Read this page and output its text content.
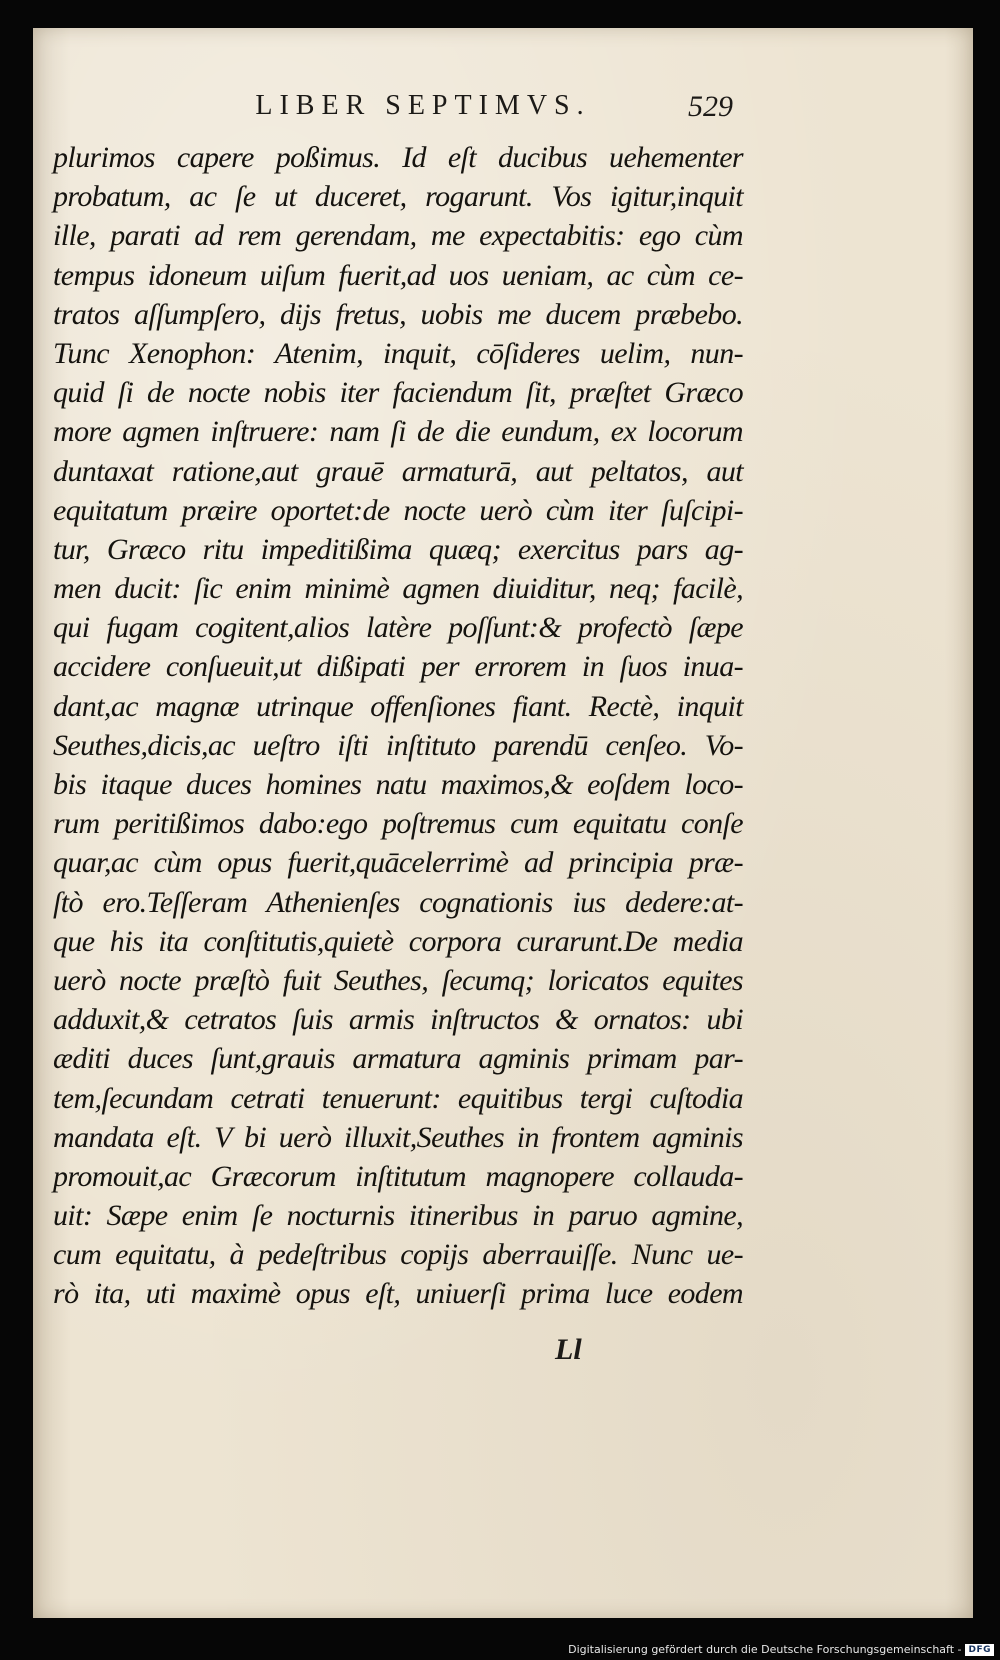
LIBER SEPTIMVS.	529
plurimos capere poßimus. Id eſt ducibus uehementer
probatum, ac ſe ut duceret, rogarunt. Vos igitur,inquit
ille, parati ad rem gerendam, me expectabitis: ego cùm
tempus idoneum uiſum fuerit,ad uos ueniam, ac cùm ce-
tratos aſſumpſero, dijs fretus, uobis me ducem præbebo.
Tunc Xenophon: Atenim, inquit, cōſideres uelim, nun-
quid ſi de nocte nobis iter faciendum ſit, præſtet Græco
more agmen inſtruere: nam ſi de die eundum, ex locorum
duntaxat ratione,aut grauē armaturā, aut peltatos, aut
equitatum præire oportet:de nocte uerò cùm iter ſuſcipi-
tur, Græco ritu impeditißima quæq; exercitus pars ag-
men ducit: ſic enim minimè agmen diuiditur, neq; facilè,
qui fugam cogitent,alios latère poſſunt:& profectò ſæpe
accidere conſueuit,ut dißipati per errorem in ſuos inua-
dant,ac magnæ utrinque offenſiones fiant. Rectè, inquit
Seuthes,dicis,ac ueſtro iſti inſtituto parendū cenſeo. Vo-
bis itaque duces homines natu maximos,& eoſdem loco-
rum peritißimos dabo:ego poſtremus cum equitatu conſe
quar,ac cùm opus fuerit,quācelerrimè ad principia præ-
ſtò ero.Teſſeram Athenienſes cognationis ius dedere:at-
que his ita conſtitutis,quietè corpora curarunt.De media
uerò nocte præſtò fuit Seuthes, ſecumq; loricatos equites
adduxit,& cetratos ſuis armis inſtructos & ornatos: ubi
æditi duces ſunt,grauis armatura agminis primam par-
tem,ſecundam cetrati tenuerunt: equitibus tergi cuſtodia
mandata eſt. V bi uerò illuxit,Seuthes in frontem agminis
promouit,ac Græcorum inſtitutum magnopere collauda-
uit: Sæpe enim ſe nocturnis itineribus in paruo agmine,
cum equitatu, à pedeſtribus copijs aberrauiſſe. Nunc ue-
rò ita, uti maximè opus eſt, uniuerſi prima luce eodem
Ll
Digitalisierung gefördert durch die Deutsche Forschungsgemeinschaft - DFG
